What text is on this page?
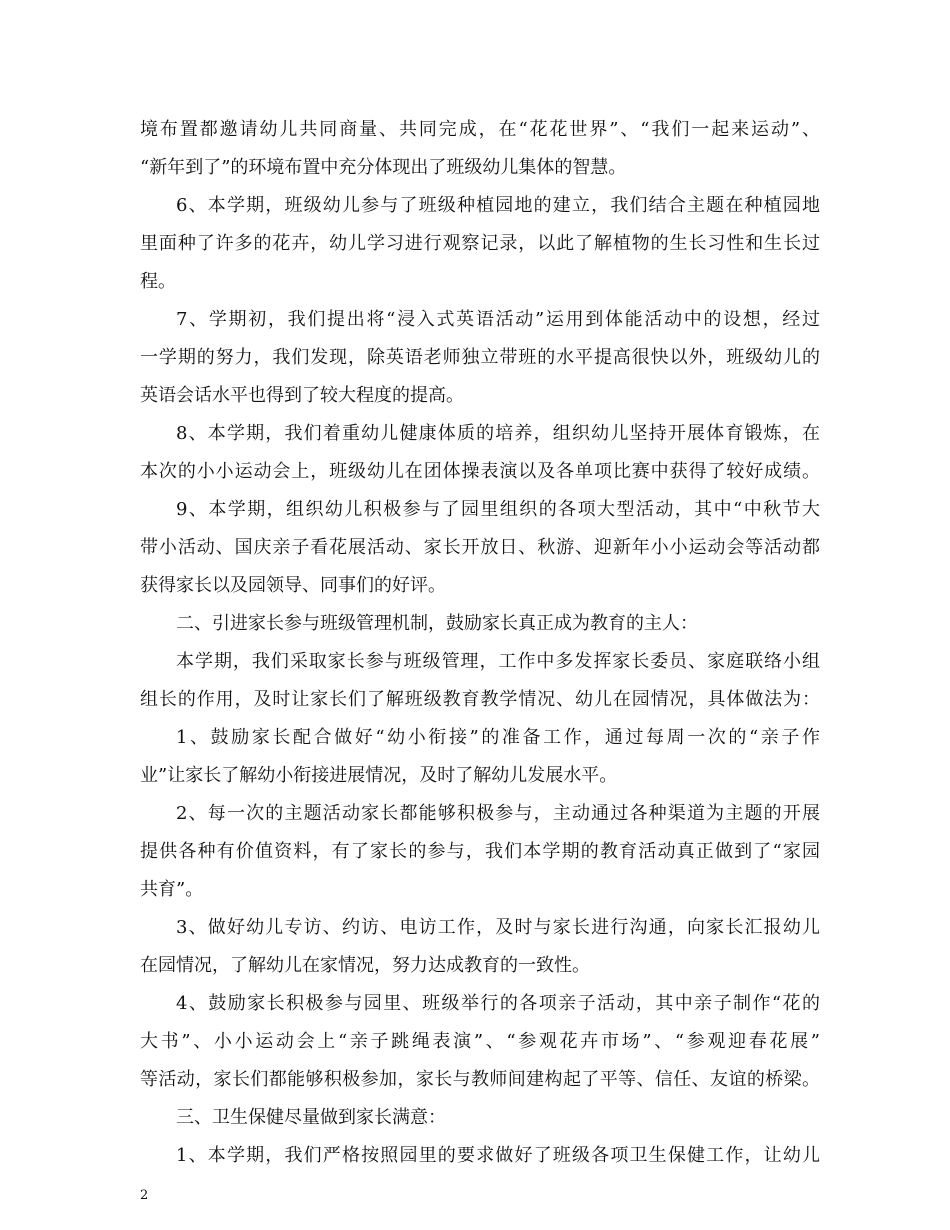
境布置都邀请幼儿共同商量、共同完成，在“花花世界”、“我们一起来运动”、
“新年到了”的环境布置中充分体现出了班级幼儿集体的智慧。
6、本学期，班级幼儿参与了班级种植园地的建立，我们结合主题在种植园地
里面种了许多的花卉，幼儿学习进行观察记录，以此了解植物的生长习性和生长过
程。
7、学期初，我们提出将“浸入式英语活动”运用到体能活动中的设想，经过
一学期的努力，我们发现，除英语老师独立带班的水平提高很快以外，班级幼儿的
英语会话水平也得到了较大程度的提高。
8、本学期，我们着重幼儿健康体质的培养，组织幼儿坚持开展体育锻炼，在
本次的小小运动会上，班级幼儿在团体操表演以及各单项比赛中获得了较好成绩。
9、本学期，组织幼儿积极参与了园里组织的各项大型活动，其中“中秋节大
带小活动、国庆亲子看花展活动、家长开放日、秋游、迎新年小小运动会等活动都
获得家长以及园领导、同事们的好评。
二、引进家长参与班级管理机制，鼓励家长真正成为教育的主人：
本学期，我们采取家长参与班级管理，工作中多发挥家长委员、家庭联络小组
组长的作用，及时让家长们了解班级教育教学情况、幼儿在园情况，具体做法为：
1、鼓励家长配合做好“幼小衔接”的准备工作，通过每周一次的“亲子作
业”让家长了解幼小衔接进展情况，及时了解幼儿发展水平。
2、每一次的主题活动家长都能够积极参与，主动通过各种渠道为主题的开展
提供各种有价值资料，有了家长的参与，我们本学期的教育活动真正做到了“家园
共育”。
3、做好幼儿专访、约访、电访工作，及时与家长进行沟通，向家长汇报幼儿
在园情况，了解幼儿在家情况，努力达成教育的一致性。
4、鼓励家长积极参与园里、班级举行的各项亲子活动，其中亲子制作“花的
大书”、小小运动会上“亲子跳绳表演”、“参观花卉市场”、“参观迎春花展”
等活动，家长们都能够积极参加，家长与教师间建构起了平等、信任、友谊的桥梁。
三、卫生保健尽量做到家长满意：
1、本学期，我们严格按照园里的要求做好了班级各项卫生保健工作，让幼儿
2
